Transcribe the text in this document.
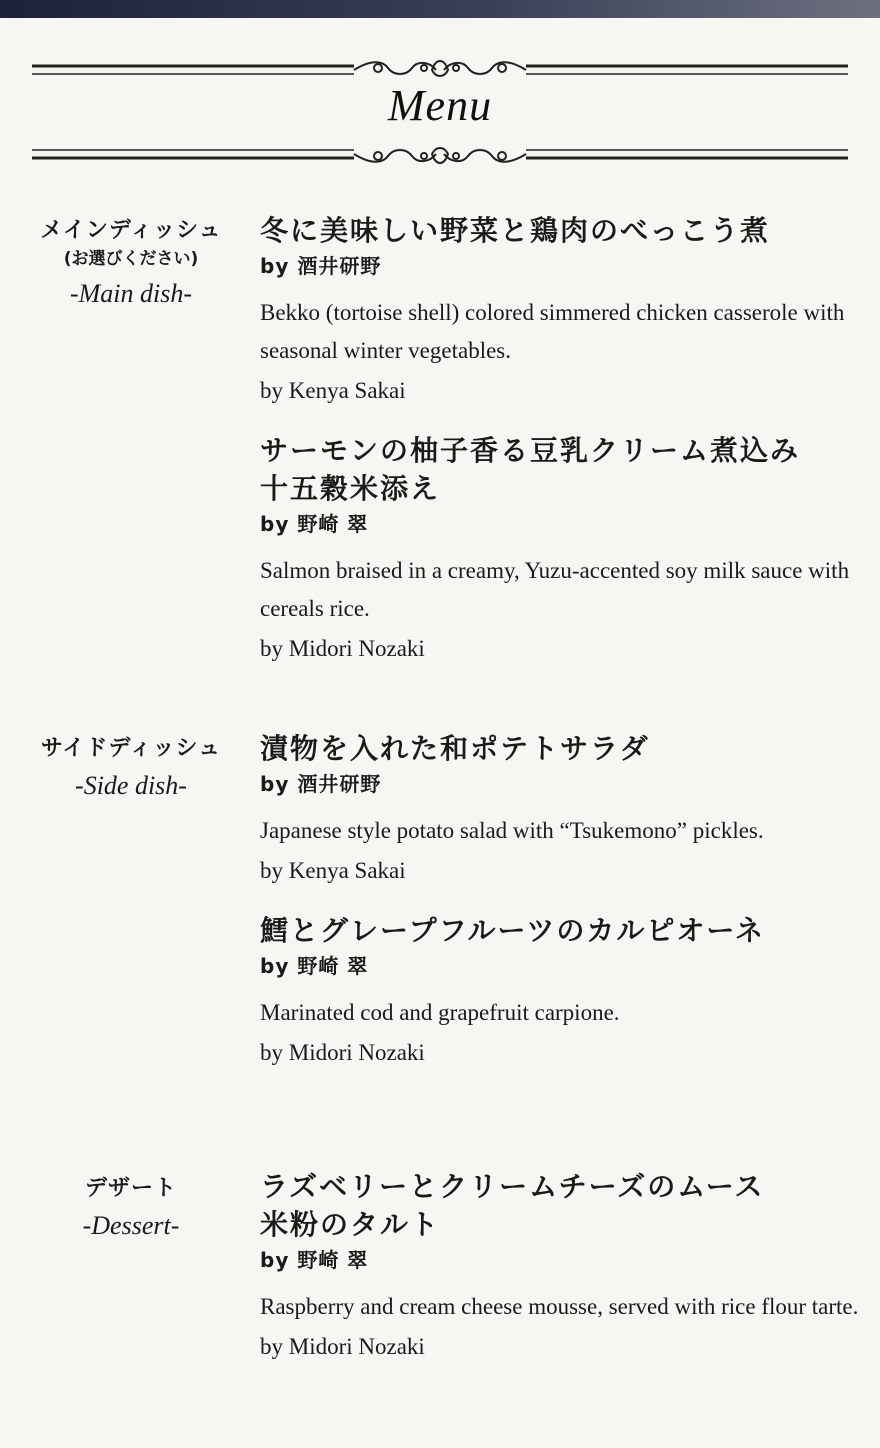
Menu
メインディッシュ
(お選びください)
-Main dish-
冬に美味しい野菜と鶏肉のべっこう煮
by 酒井研野
Bekko (tortoise shell) colored simmered chicken casserole with seasonal winter vegetables.
by Kenya Sakai
サーモンの柚子香る豆乳クリーム煮込み
十五穀米添え
by 野崎 翠
Salmon braised in a creamy, Yuzu-accented soy milk sauce with cereals rice.
by Midori Nozaki
サイドディッシュ
-Side dish-
漬物を入れた和ポテトサラダ
by 酒井研野
Japanese style potato salad with “Tsukemono” pickles.
by Kenya Sakai
鱈とグレープフルーツのカルピオーネ
by 野崎 翠
Marinated cod and grapefruit carpione.
by Midori Nozaki
デザート
-Dessert-
ラズベリーとクリームチーズのムース
米粉のタルト
by 野崎 翠
Raspberry and cream cheese mousse, served with rice flour tarte.
by Midori Nozaki
